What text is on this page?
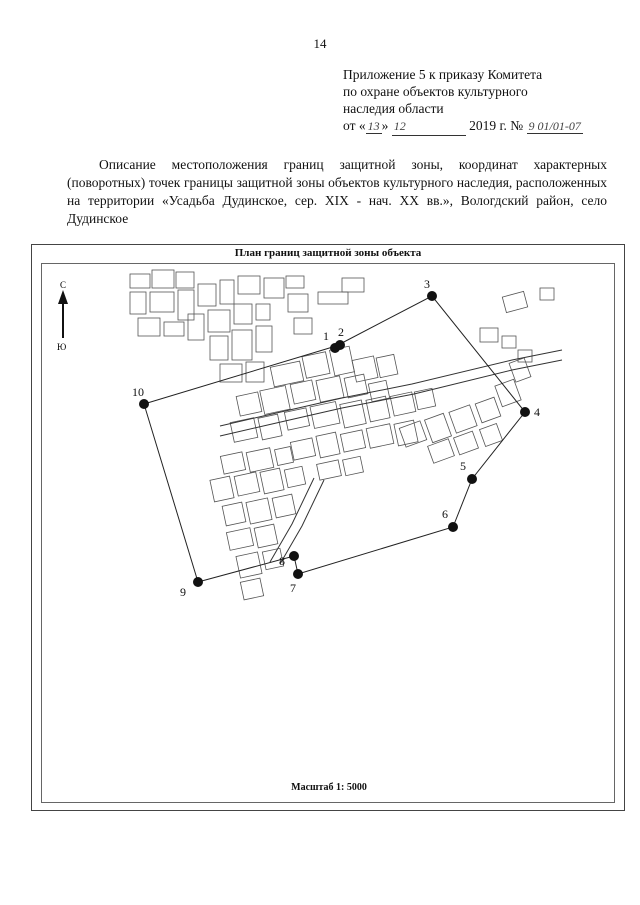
14
Приложение 5 к приказу Комитета
по охране объектов культурного
наследия области
от « 13 » 12	2019 г. № 9 01/01-07

Описание местоположения границ защитной зоны, координат характерных (поворотных) точек границы защитной зоны объектов культурного наследия, расположенных на территории «Усадьба Дудинское, сер. XIX - нач. XX вв.», Вологдский район, село Дудинское

План границ защитной зоны объекта
С
Ю
1 2
3
4
5
6
7
8
9
10
Масштаб 1: 5000
